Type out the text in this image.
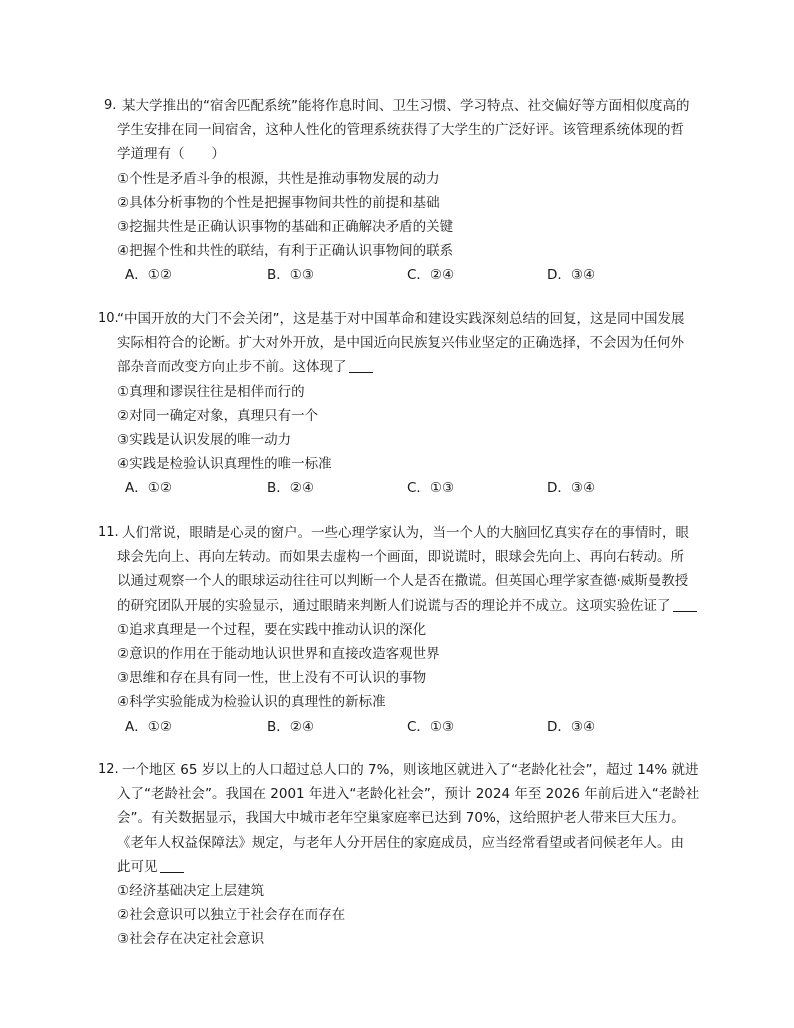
9. 某大学推出的“宿舍匹配系统”能将作息时间、卫生习惯、学习特点、社交偏好等方面相似度高的
学生安排在同一间宿舍，这种人性化的管理系统获得了大学生的广泛好评。该管理系统体现的哲
学道理有（　　）
①个性是矛盾斗争的根源，共性是推动事物发展的动力
②具体分析事物的个性是把握事物间共性的前提和基础
③挖掘共性是正确认识事物的基础和正确解决矛盾的关键
④把握个性和共性的联结，有利于正确认识事物间的联系
A．①②	B．①③	C．②④	D．③④
10.
“中国开放的大门不会关闭”，这是基于对中国革命和建设实践深刻总结的回复，这是同中国发展
实际相符合的论断。扩大对外开放，是中国近向民族复兴伟业坚定的正确选择，不会因为任何外
部杂音而改变方向止步不前。这体现了
①真理和谬误往往是相伴而行的
②对同一确定对象，真理只有一个
③实践是认识发展的唯一动力
④实践是检验认识真理性的唯一标准
A．①②	B．②④	C．①③	D．③④
11. 人们常说，眼睛是心灵的窗户。一些心理学家认为，当一个人的大脑回忆真实存在的事情时，眼
球会先向上、再向左转动。而如果去虚构一个画面，即说谎时，眼球会先向上、再向右转动。所
以通过观察一个人的眼球运动往往可以判断一个人是否在撒谎。但英国心理学家查德·威斯曼教授
的研究团队开展的实验显示，通过眼睛来判断人们说谎与否的理论并不成立。这项实验佐证了
①追求真理是一个过程，要在实践中推动认识的深化
②意识的作用在于能动地认识世界和直接改造客观世界
③思维和存在具有同一性，世上没有不可认识的事物
④科学实验能成为检验认识的真理性的新标准
A．①②	B．②④	C．①③	D．③④
12. 一个地区 65 岁以上的人口超过总人口的 7%，则该地区就进入了“老龄化社会”，超过 14% 就进
入了“老龄社会”。我国在 2001 年进入“老龄化社会”，预计 2024 年至 2026 年前后进入“老龄社
会”。有关数据显示，我国大中城市老年空巢家庭率已达到 70%，这给照护老人带来巨大压力。
《老年人权益保障法》规定，与老年人分开居住的家庭成员，应当经常看望或者问候老年人。由
此可见
①经济基础决定上层建筑
②社会意识可以独立于社会存在而存在
③社会存在决定社会意识
